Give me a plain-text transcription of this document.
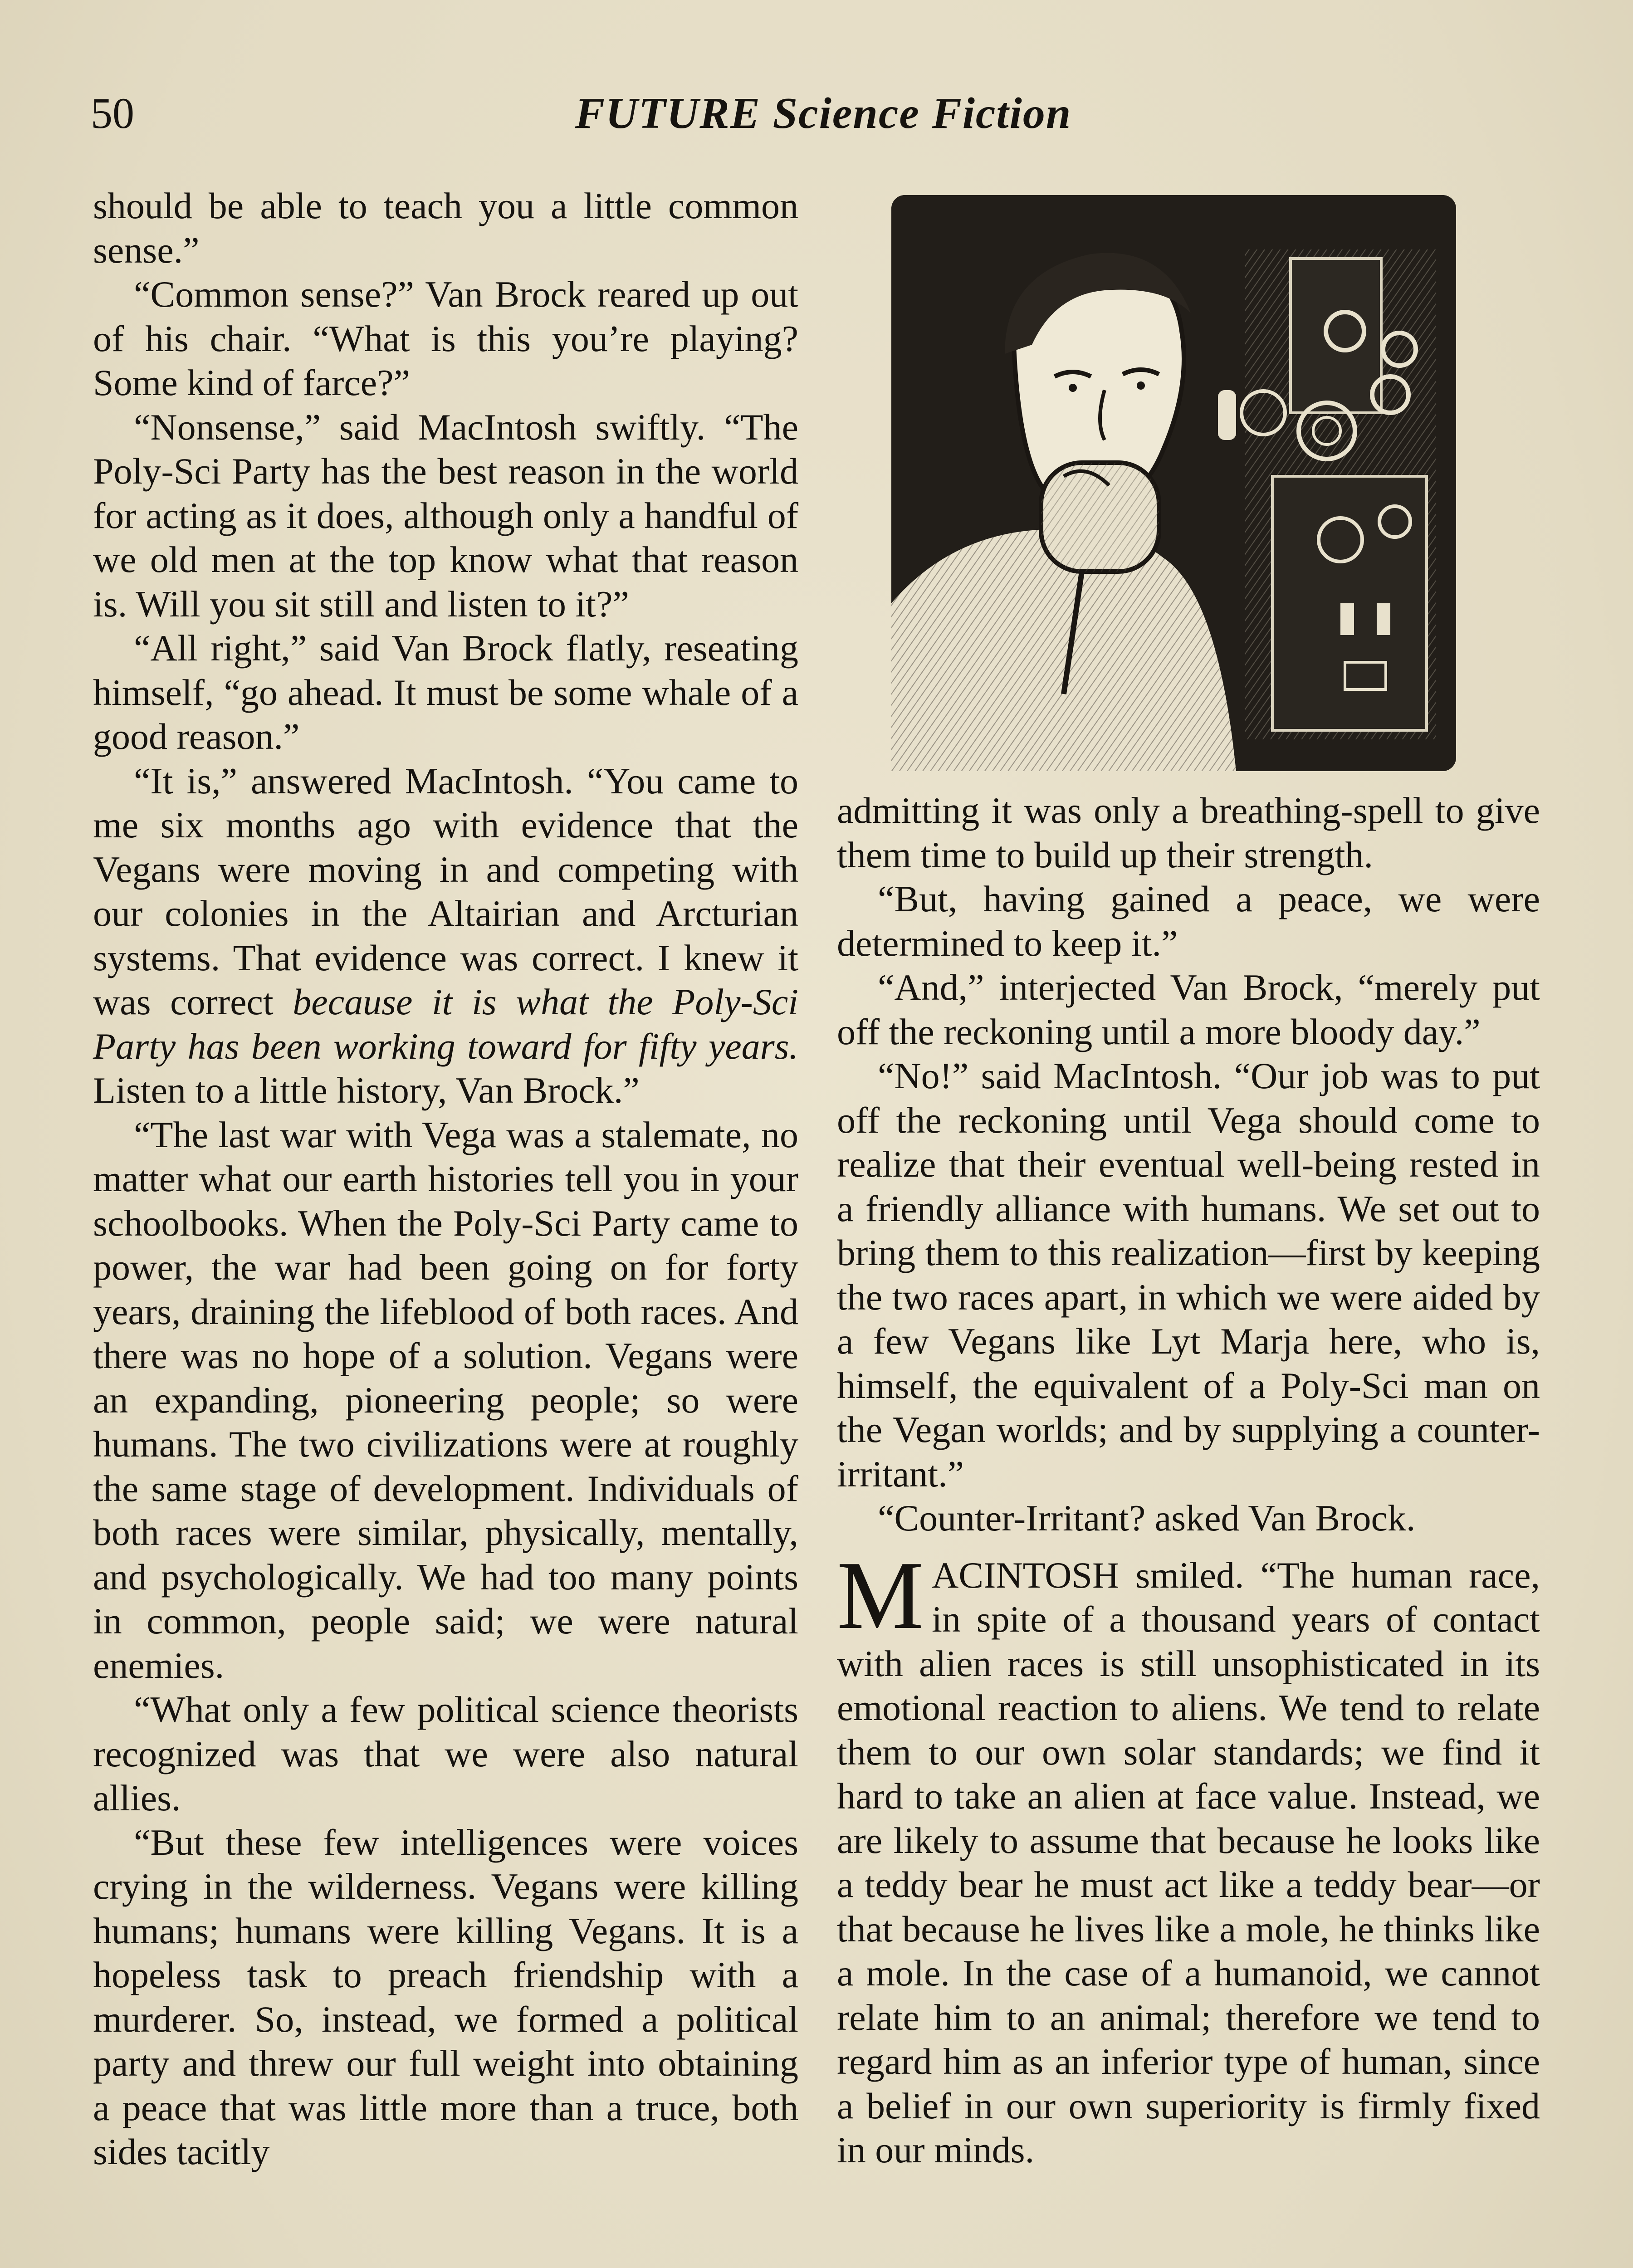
50	FUTURE Science Fiction

should be able to teach you a little common sense.”

“Common sense?” Van Brock reared up out of his chair. “What is this you’re playing? Some kind of farce?”

“Nonsense,” said MacIntosh swiftly. “The Poly-Sci Party has the best reason in the world for acting as it does, although only a handful of we old men at the top know what that reason is. Will you sit still and listen to it?”

“All right,” said Van Brock flatly, reseating himself, “go ahead. It must be some whale of a good reason.”

“It is,” answered MacIntosh. “You came to me six months ago with evidence that the Vegans were moving in and competing with our colonies in the Altairian and Arcturian systems. That evidence was correct. I knew it was correct because it is what the Poly-Sci Party has been working toward for fifty years. Listen to a little history, Van Brock.”

“The last war with Vega was a stalemate, no matter what our earth histories tell you in your schoolbooks. When the Poly-Sci Party came to power, the war had been going on for forty years, draining the lifeblood of both races. And there was no hope of a solution. Vegans were an expanding, pioneering people; so were humans. The two civilizations were at roughly the same stage of development. Individuals of both races were similar, physically, mentally, and psychologically. We had too many points in common, people said; we were natural enemies.

“What only a few political science theorists recognized was that we were also natural allies.

“But these few intelligences were voices crying in the wilderness. Vegans were killing humans; humans were killing Vegans. It is a hopeless task to preach friendship with a murderer. So, instead, we formed a political party and threw our full weight into obtaining a peace that was little more than a truce, both sides tacitly

admitting it was only a breathing-spell to give them time to build up their strength.

“But, having gained a peace, we were determined to keep it.”

“And,” interjected Van Brock, “merely put off the reckoning until a more bloody day.”

“No!” said MacIntosh. “Our job was to put off the reckoning until Vega should come to realize that their eventual well-being rested in a friendly alliance with humans. We set out to bring them to this realization—first by keeping the two races apart, in which we were aided by a few Vegans like Lyt Marja here, who is, himself, the equivalent of a Poly-Sci man on the Vegan worlds; and by supplying a counter-irritant.”

“Counter-Irritant? asked Van Brock.

MACINTOSH smiled. “The human race, in spite of a thousand years of contact with alien races is still unsophisticated in its emotional reaction to aliens. We tend to relate them to our own solar standards; we find it hard to take an alien at face value. Instead, we are likely to assume that because he looks like a teddy bear he must act like a teddy bear—or that because he lives like a mole, he thinks like a mole. In the case of a humanoid, we cannot relate him to an animal; therefore we tend to regard him as an inferior type of human, since a belief in our own superiority is firmly fixed in our minds.
